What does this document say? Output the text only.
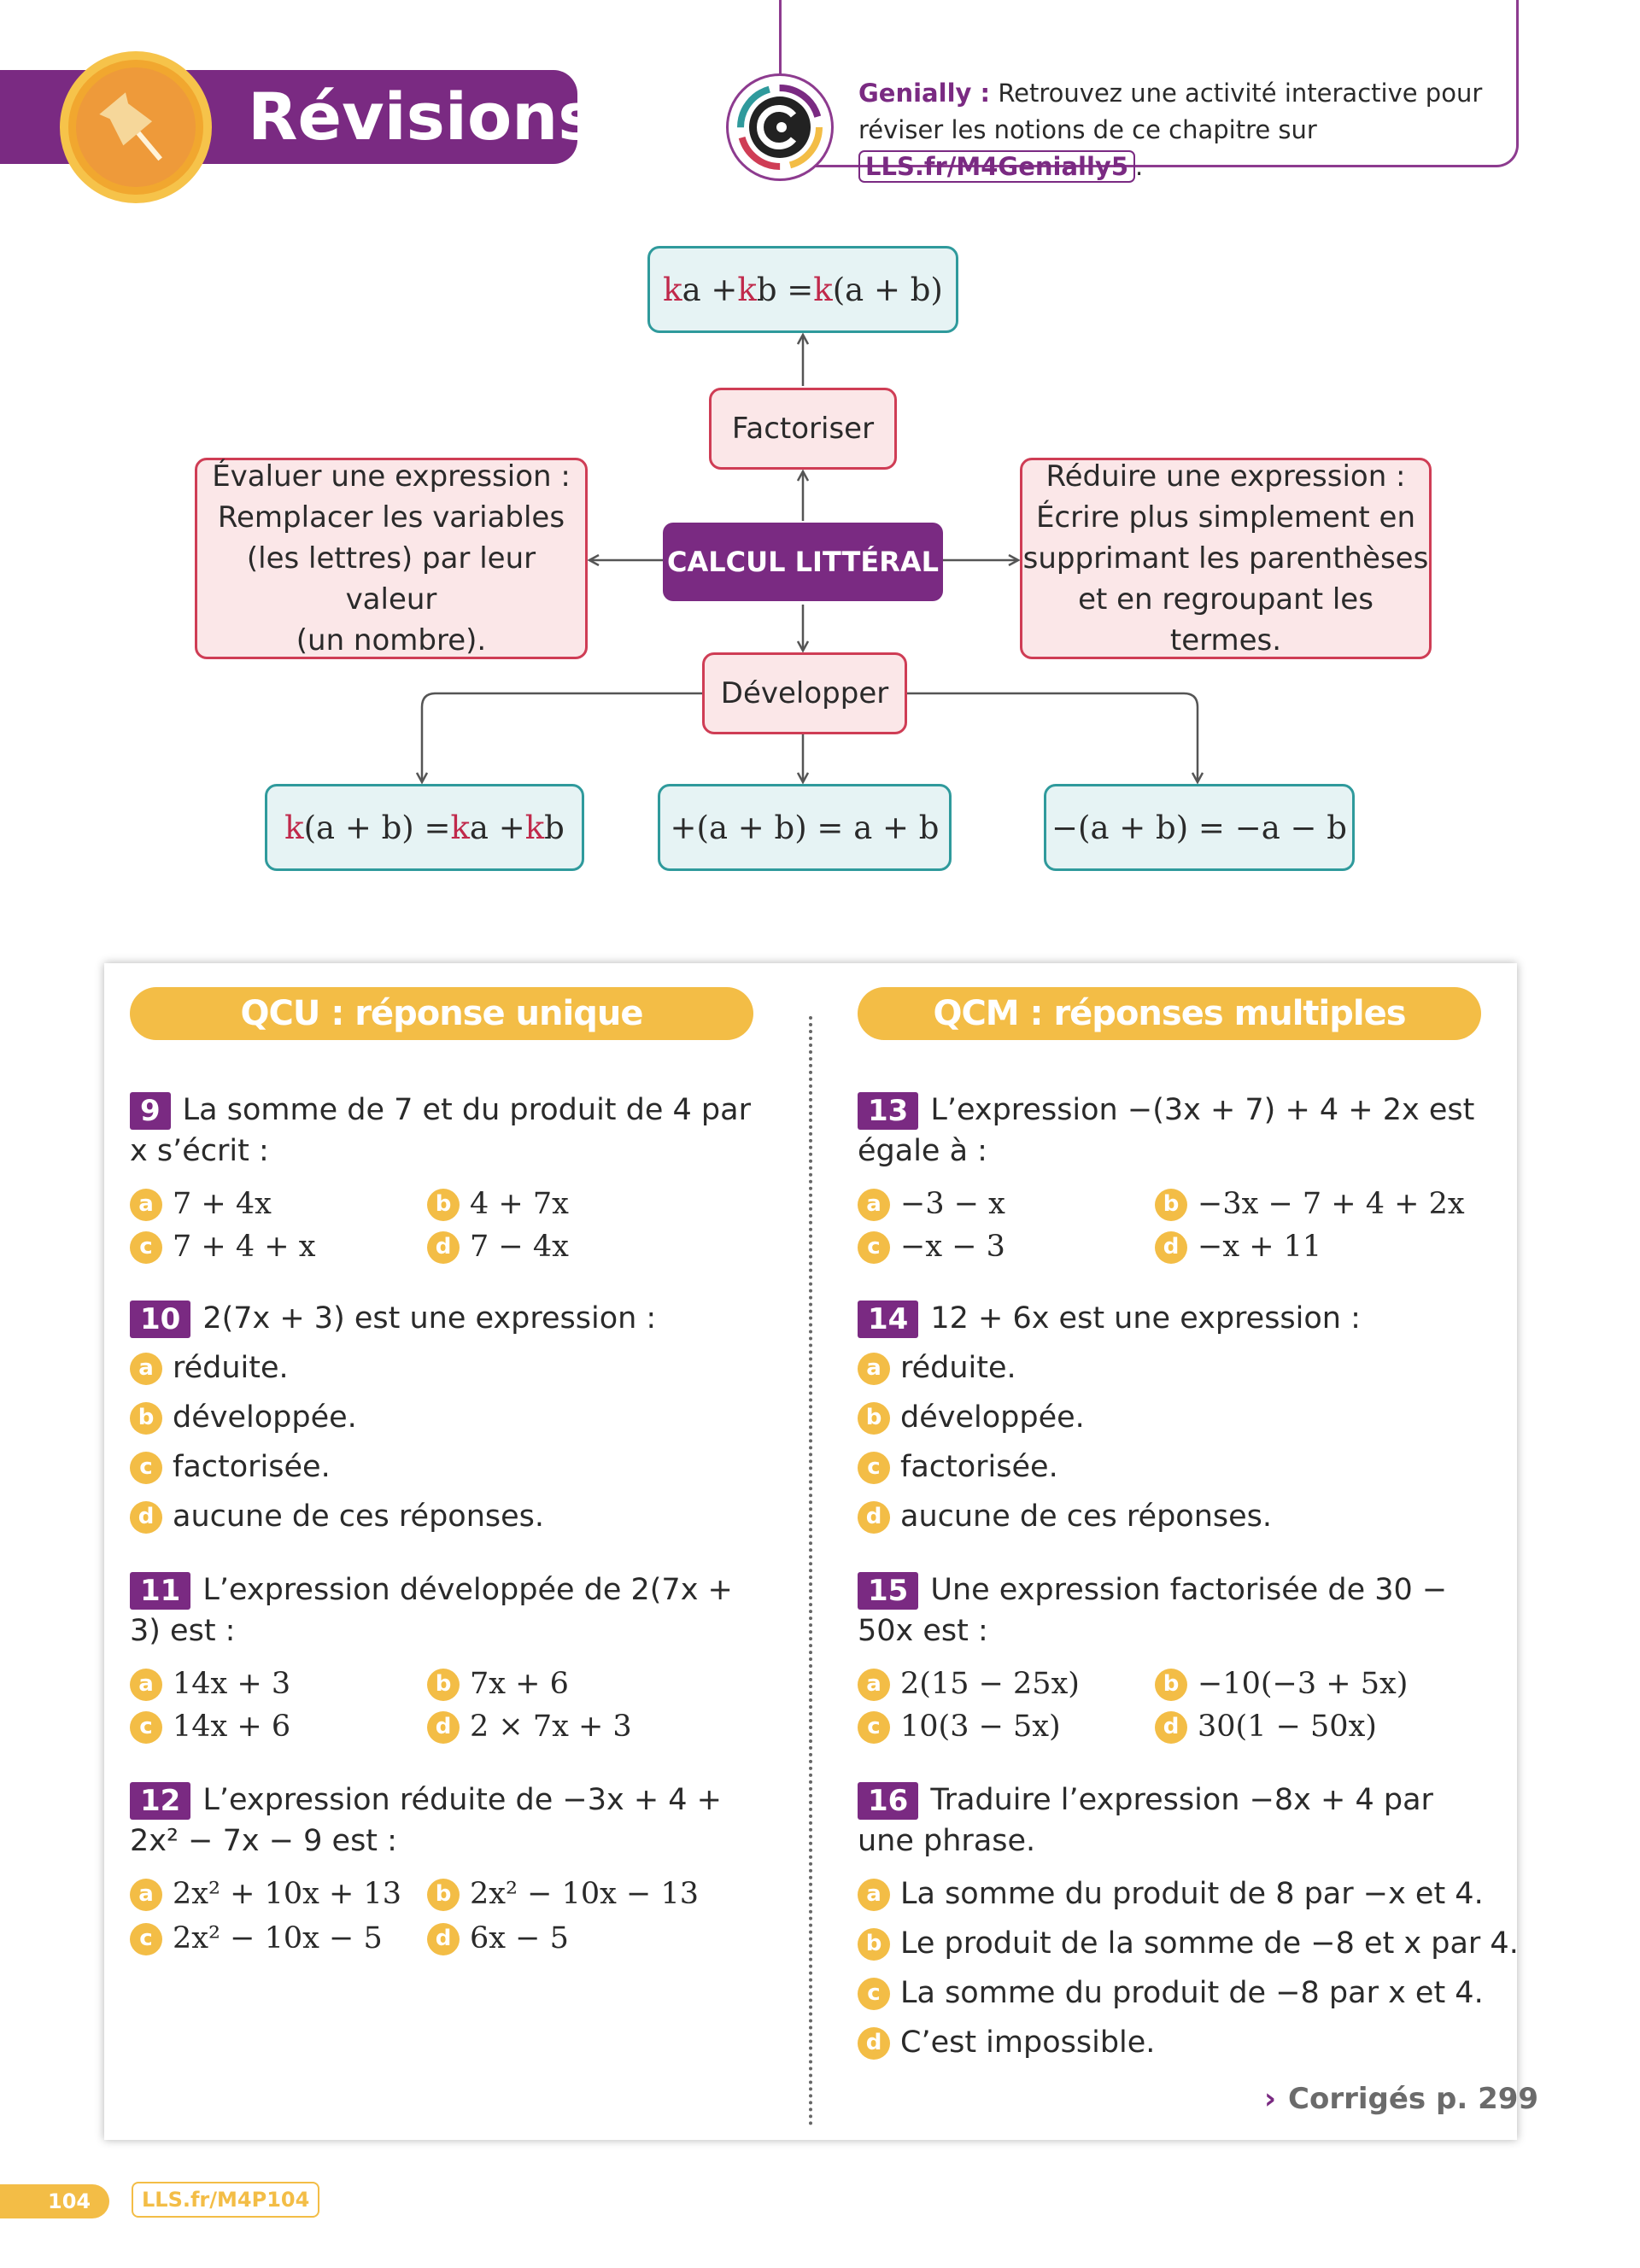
Révisions	Genially : Retrouvez une activité interactive pour réviser les notions de ce chapitre sur LLS.fr/M4Genially5 .
k a + k b = k (a + b)
Factoriser
CALCUL LITTÉRAL
Évaluer une expression :
Remplacer les variables
(les lettres) par leur valeur
(un nombre).
Réduire une expression :
Écrire plus simplement en
supprimant les parenthèses
et en regroupant les termes.
Développer
k (a + b) = k a + k b	+(a + b) = a + b	−(a + b) = −a − b
QCU : réponse unique	QCM : réponses multiples
9 La somme de 7 et du produit de 4 par x s’écrit :
a 7 + 4x	b 4 + 7x
c 7 + 4 + x	d 7 − 4x
10 2(7x + 3) est une expression :
a réduite.
b développée.
c factorisée.
d aucune de ces réponses.
11 L’expression développée de 2(7x + 3) est :
a 14x + 3	b 7x + 6
c 14x + 6	d 2 × 7x + 3
12 L’expression réduite de −3x + 4 + 2x² − 7x − 9 est :
a 2x² + 10x + 13	b 2x² − 10x − 13
c 2x² − 10x − 5	d 6x − 5
13 L’expression −(3x + 7) + 4 + 2x est égale à :
a −3 − x	b −3x − 7 + 4 + 2x
c −x − 3	d −x + 11
14 12 + 6x est une expression :
a réduite.
b développée.
c factorisée.
d aucune de ces réponses.
15 Une expression factorisée de 30 − 50x est :
a 2(15 − 25x)	b −10(−3 + 5x)
c 10(3 − 5x)	d 30(1 − 50x)
16 Traduire l’expression −8x + 4 par une phrase.
a La somme du produit de 8 par −x et 4.
b Le produit de la somme de −8 et x par 4.
c La somme du produit de −8 par x et 4.
d C’est impossible.
› Corrigés p. 299
104	LLS.fr/M4P104
